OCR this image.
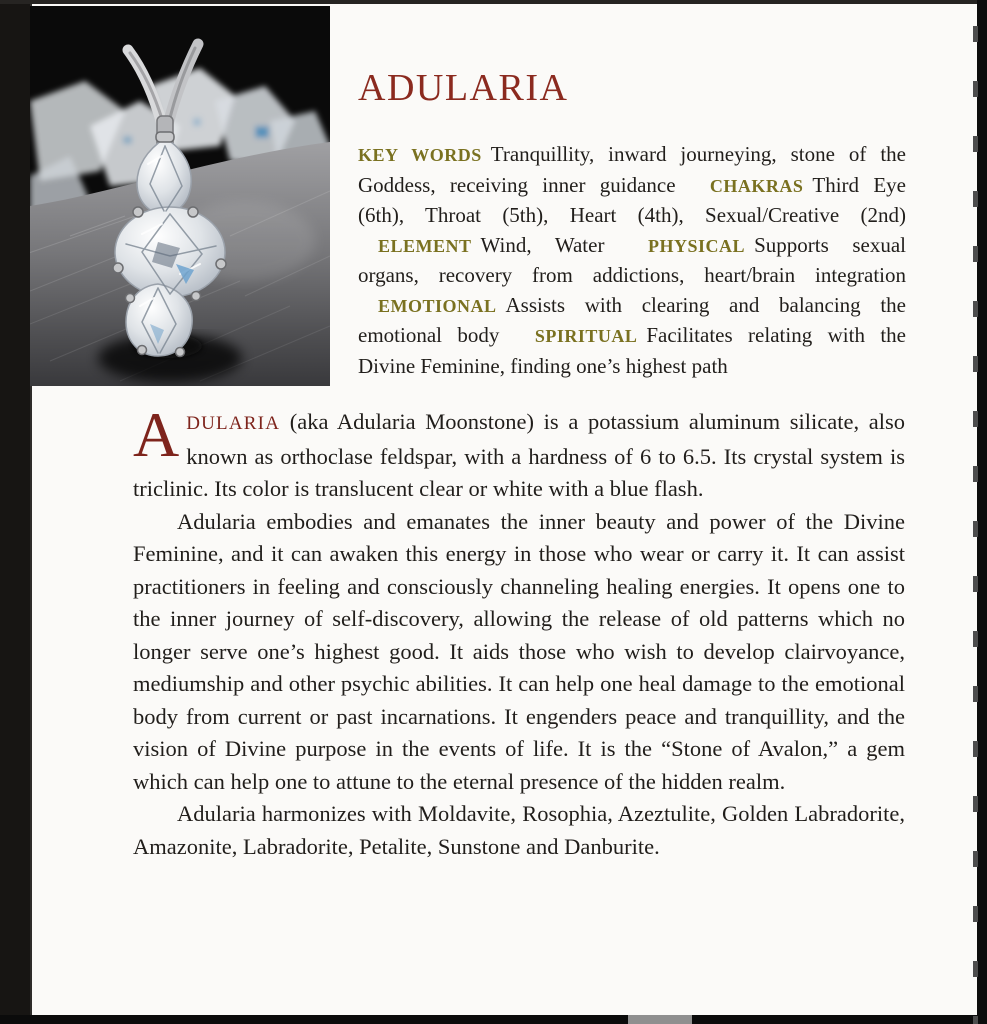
ADULARIA

KEY WORDS Tranquillity, inward journeying, stone of the Goddess, receiving inner guidance CHAKRAS Third Eye (6th), Throat (5th), Heart (4th), Sexual/Creative (2nd) ELEMENT Wind, Water PHYSICAL Supports sexual organs, recovery from addictions, heart/brain integration EMOTIONAL Assists with clearing and balancing the emotional body SPIRITUAL Facilitates relating with the Divine Feminine, finding one’s highest path

ADULARIA (aka Adularia Moonstone) is a potassium aluminum silicate, also known as orthoclase feldspar, with a hardness of 6 to 6.5. Its crystal system is triclinic. Its color is translucent clear or white with a blue flash.

Adularia embodies and emanates the inner beauty and power of the Divine Feminine, and it can awaken this energy in those who wear or carry it. It can assist practitioners in feeling and consciously channeling healing energies. It opens one to the inner journey of self-discovery, allowing the release of old patterns which no longer serve one’s highest good. It aids those who wish to develop clairvoyance, mediumship and other psychic abilities. It can help one heal damage to the emotional body from current or past incarnations. It engenders peace and tranquillity, and the vision of Divine purpose in the events of life. It is the “Stone of Avalon,” a gem which can help one to attune to the eternal presence of the hidden realm.

Adularia harmonizes with Moldavite, Rosophia, Azeztulite, Golden Labradorite, Amazonite, Labradorite, Petalite, Sunstone and Danburite.
